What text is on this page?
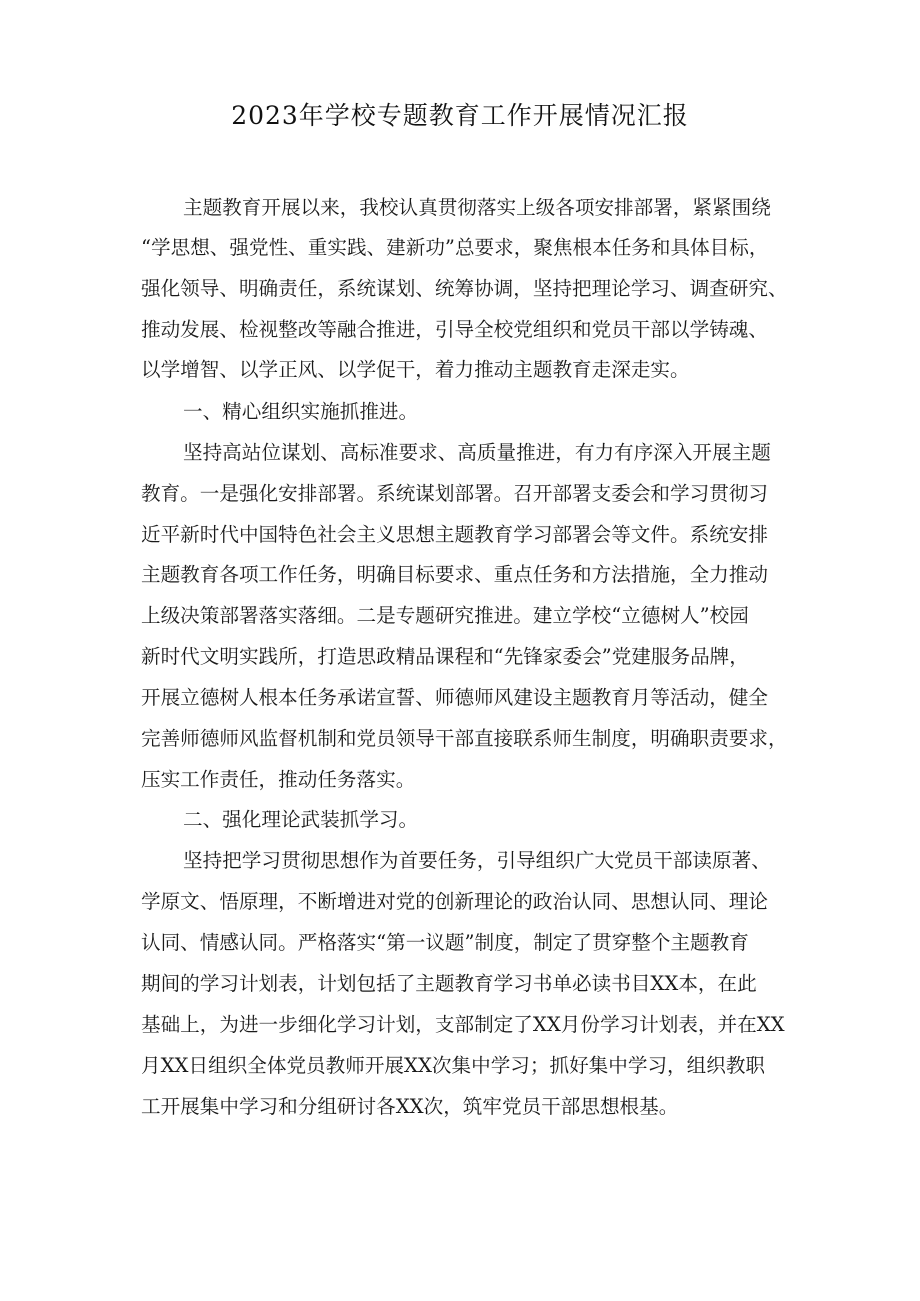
2023年学校专题教育工作开展情况汇报
主题教育开展以来，我校认真贯彻落实上级各项安排部署，紧紧围绕
“学思想、强党性、重实践、建新功”总要求，聚焦根本任务和具体目标，
强化领导、明确责任，系统谋划、统筹协调，坚持把理论学习、调查研究、
推动发展、检视整改等融合推进，引导全校党组织和党员干部以学铸魂、
以学增智、以学正风、以学促干，着力推动主题教育走深走实。
一、精心组织实施抓推进。
坚持高站位谋划、高标准要求、高质量推进，有力有序深入开展主题
教育。一是强化安排部署。系统谋划部署。召开部署支委会和学习贯彻习
近平新时代中国特色社会主义思想主题教育学习部署会等文件。系统安排
主题教育各项工作任务，明确目标要求、重点任务和方法措施，全力推动
上级决策部署落实落细。二是专题研究推进。建立学校“立德树人”校园
新时代文明实践所，打造思政精品课程和“先锋家委会”党建服务品牌，
开展立德树人根本任务承诺宣誓、师德师风建设主题教育月等活动，健全
完善师德师风监督机制和党员领导干部直接联系师生制度，明确职责要求，
压实工作责任，推动任务落实。
二、强化理论武装抓学习。
坚持把学习贯彻思想作为首要任务，引导组织广大党员干部读原著、
学原文、悟原理，不断增进对党的创新理论的政治认同、思想认同、理论
认同、情感认同。严格落实“第一议题”制度，制定了贯穿整个主题教育
期间的学习计划表，计划包括了主题教育学习书单必读书目XX本，在此
基础上，为进一步细化学习计划，支部制定了XX月份学习计划表，并在XX
月XX日组织全体党员教师开展XX次集中学习；抓好集中学习，组织教职
工开展集中学习和分组研讨各XX次，筑牢党员干部思想根基。
